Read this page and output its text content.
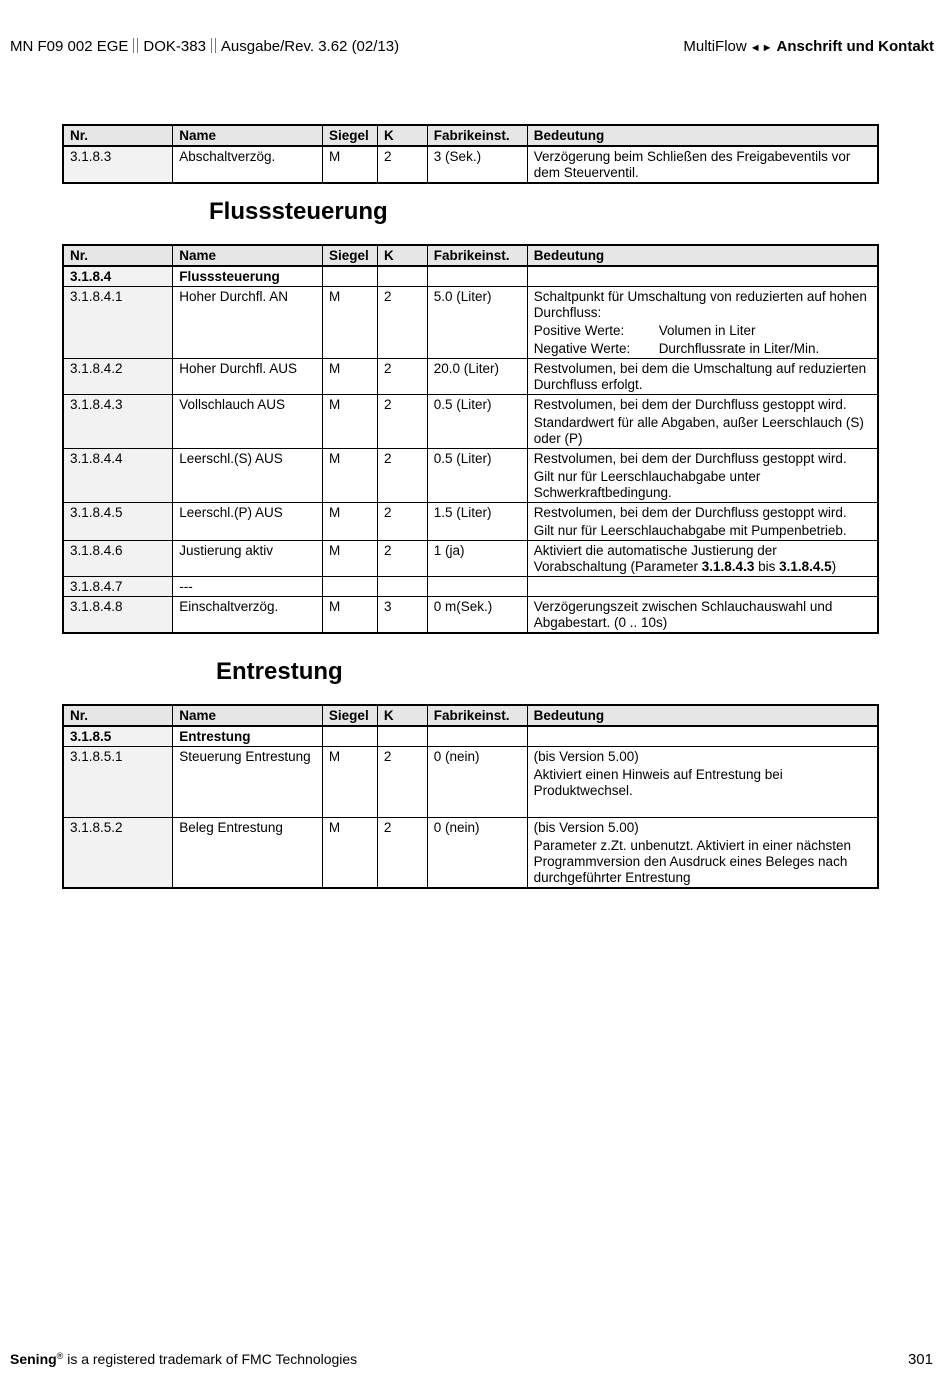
MN F09 002 EGE DOK-383 Ausgabe/Rev. 3.62 (02/13)	MultiFlow ◄► Anschrift und Kontakt
Nr.	Name	Siegel	K	Fabrikeinst.	Bedeutung
3.1.8.3	Abschaltverzög.	M	2	3 (Sek.)	Verzögerung beim Schließen des Freigabeventils vor dem Steuerventil.
Flusssteuerung
Nr.	Name	Siegel	K	Fabrikeinst.	Bedeutung
3.1.8.4	Flusssteuerung				
3.1.8.4.1	Hoher Durchfl. AN	M	2	5.0 (Liter)	Schaltpunkt für Umschaltung von reduzierten auf hohen Durchfluss:
Positive Werte: Volumen in Liter
Negative Werte: Durchflussrate in Liter/Min.

3.1.8.4.2	Hoher Durchfl. AUS	M	2	20.0 (Liter)	Restvolumen, bei dem die Umschaltung auf reduzierten Durchfluss erfolgt.
3.1.8.4.3	Vollschlauch AUS	M	2	0.5 (Liter)	Restvolumen, bei dem der Durchfluss gestoppt wird.
Standardwert für alle Abgaben, außer Leerschlauch (S) oder (P)

3.1.8.4.4	Leerschl.(S) AUS	M	2	0.5 (Liter)	Restvolumen, bei dem der Durchfluss gestoppt wird.
Gilt nur für Leerschlauchabgabe unter Schwerkraftbedingung.

3.1.8.4.5	Leerschl.(P) AUS	M	2	1.5 (Liter)	Restvolumen, bei dem der Durchfluss gestoppt wird.
Gilt nur für Leerschlauchabgabe mit Pumpenbetrieb.

3.1.8.4.6	Justierung aktiv	M	2	1 (ja)	Aktiviert die automatische Justierung der Vorabschaltung (Parameter 3.1.8.4.3 bis 3.1.8.4.5)
3.1.8.4.7	---				
3.1.8.4.8	Einschaltverzög.	M	3	0 m(Sek.)	Verzögerungszeit zwischen Schlauchauswahl und Abgabestart. (0 .. 10s)
Entrestung
Nr.	Name	Siegel	K	Fabrikeinst.	Bedeutung
3.1.8.5	Entrestung				
3.1.8.5.1	Steuerung Entrestung	M	2	0 (nein)	(bis Version 5.00)
Aktiviert einen Hinweis auf Entrestung bei Produktwechsel.

3.1.8.5.2	Beleg Entrestung	M	2	0 (nein)	(bis Version 5.00)
Parameter z.Zt. unbenutzt. Aktiviert in einer nächsten Programmversion den Ausdruck eines Beleges nach durchgeführter Entrestung
Sening® is a registered trademark of FMC Technologies	301
